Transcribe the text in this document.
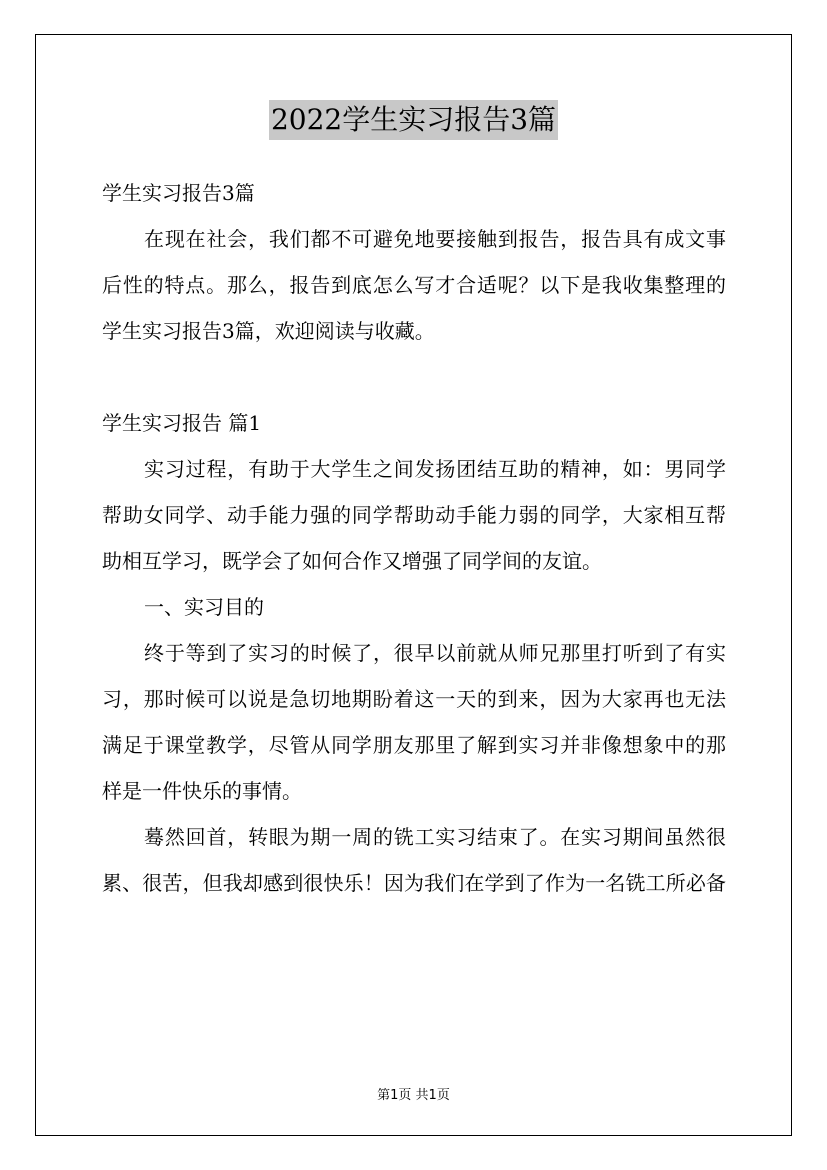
2022学生实习报告3篇
学生实习报告3篇
在现在社会，我们都不可避免地要接触到报告，报告具有成文事
后性的特点。那么，报告到底怎么写才合适呢？以下是我收集整理的
学生实习报告3篇，欢迎阅读与收藏。
学生实习报告 篇1
实习过程，有助于大学生之间发扬团结互助的精神，如：男同学
帮助女同学、动手能力强的同学帮助动手能力弱的同学，大家相互帮
助相互学习，既学会了如何合作又增强了同学间的友谊。
一、实习目的
终于等到了实习的时候了，很早以前就从师兄那里打听到了有实
习，那时候可以说是急切地期盼着这一天的到来，因为大家再也无法
满足于课堂教学，尽管从同学朋友那里了解到实习并非像想象中的那
样是一件快乐的事情。
蓦然回首，转眼为期一周的铣工实习结束了。在实习期间虽然很
累、很苦，但我却感到很快乐！因为我们在学到了作为一名铣工所必备
第1页 共1页
